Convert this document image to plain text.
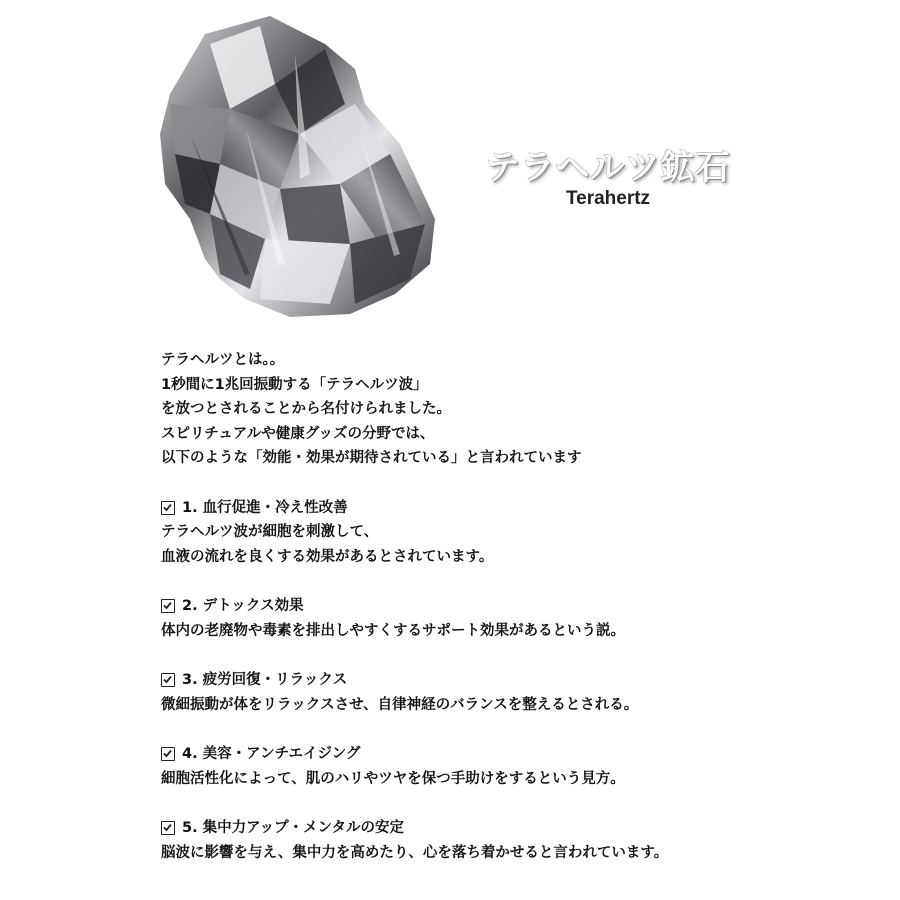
テラヘルツ鉱石
Terahertz

テラヘルツとは。。

1秒間に1兆回振動する「テラヘルツ波」

を放つとされることから名付けられました。

スピリチュアルや健康グッズの分野では、

以下のような「効能・効果が期待されている」と言われています

1. 血行促進・冷え性改善

テラヘルツ波が細胞を刺激して、

血液の流れを良くする効果があるとされています。

2. デトックス効果

体内の老廃物や毒素を排出しやすくするサポート効果があるという説。

3. 疲労回復・リラックス

微細振動が体をリラックスさせ、自律神経のバランスを整えるとされる。

4. 美容・アンチエイジング

細胞活性化によって、肌のハリやツヤを保つ手助けをするという見方。

5. 集中力アップ・メンタルの安定

脳波に影響を与え、集中力を高めたり、心を落ち着かせると言われています。
